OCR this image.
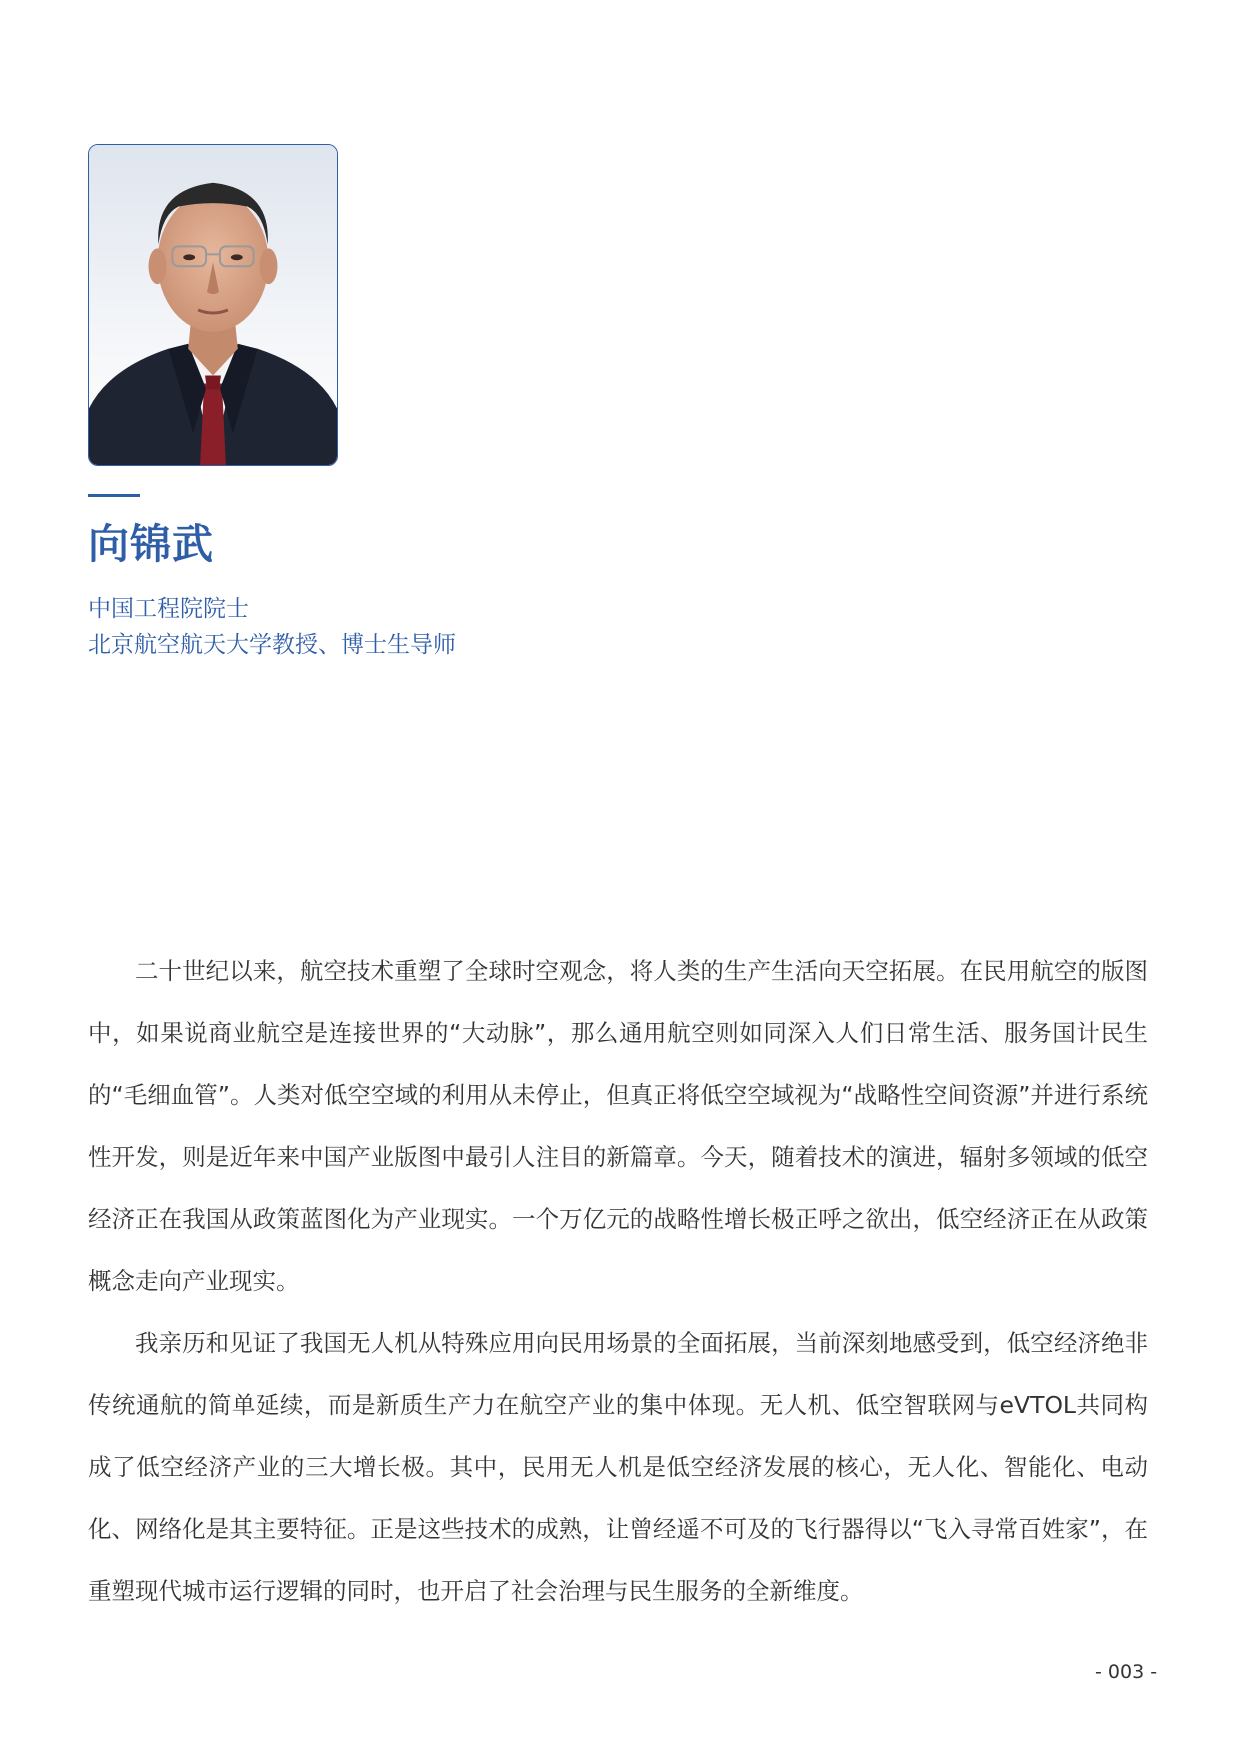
向锦武
中国工程院院士
北京航空航天大学教授、博士生导师

二十世纪以来，航空技术重塑了全球时空观念，将人类的生产生活向天空拓展。在民用航空的版图中，如果说商业航空是连接世界的“大动脉”，那么通用航空则如同深入人们日常生活、服务国计民生的“毛细血管”。人类对低空空域的利用从未停止，但真正将低空空域视为“战略性空间资源”并进行系统性开发，则是近年来中国产业版图中最引人注目的新篇章。今天，随着技术的演进，辐射多领域的低空经济正在我国从政策蓝图化为产业现实。一个万亿元的战略性增长极正呼之欲出，低空经济正在从政策概念走向产业现实。

我亲历和见证了我国无人机从特殊应用向民用场景的全面拓展，当前深刻地感受到，低空经济绝非传统通航的简单延续，而是新质生产力在航空产业的集中体现。无人机、低空智联网与eVTOL共同构成了低空经济产业的三大增长极。其中，民用无人机是低空经济发展的核心，无人化、智能化、电动化、网络化是其主要特征。正是这些技术的成熟，让曾经遥不可及的飞行器得以“飞入寻常百姓家”，在重塑现代城市运行逻辑的同时，也开启了社会治理与民生服务的全新维度。

- 003 -
